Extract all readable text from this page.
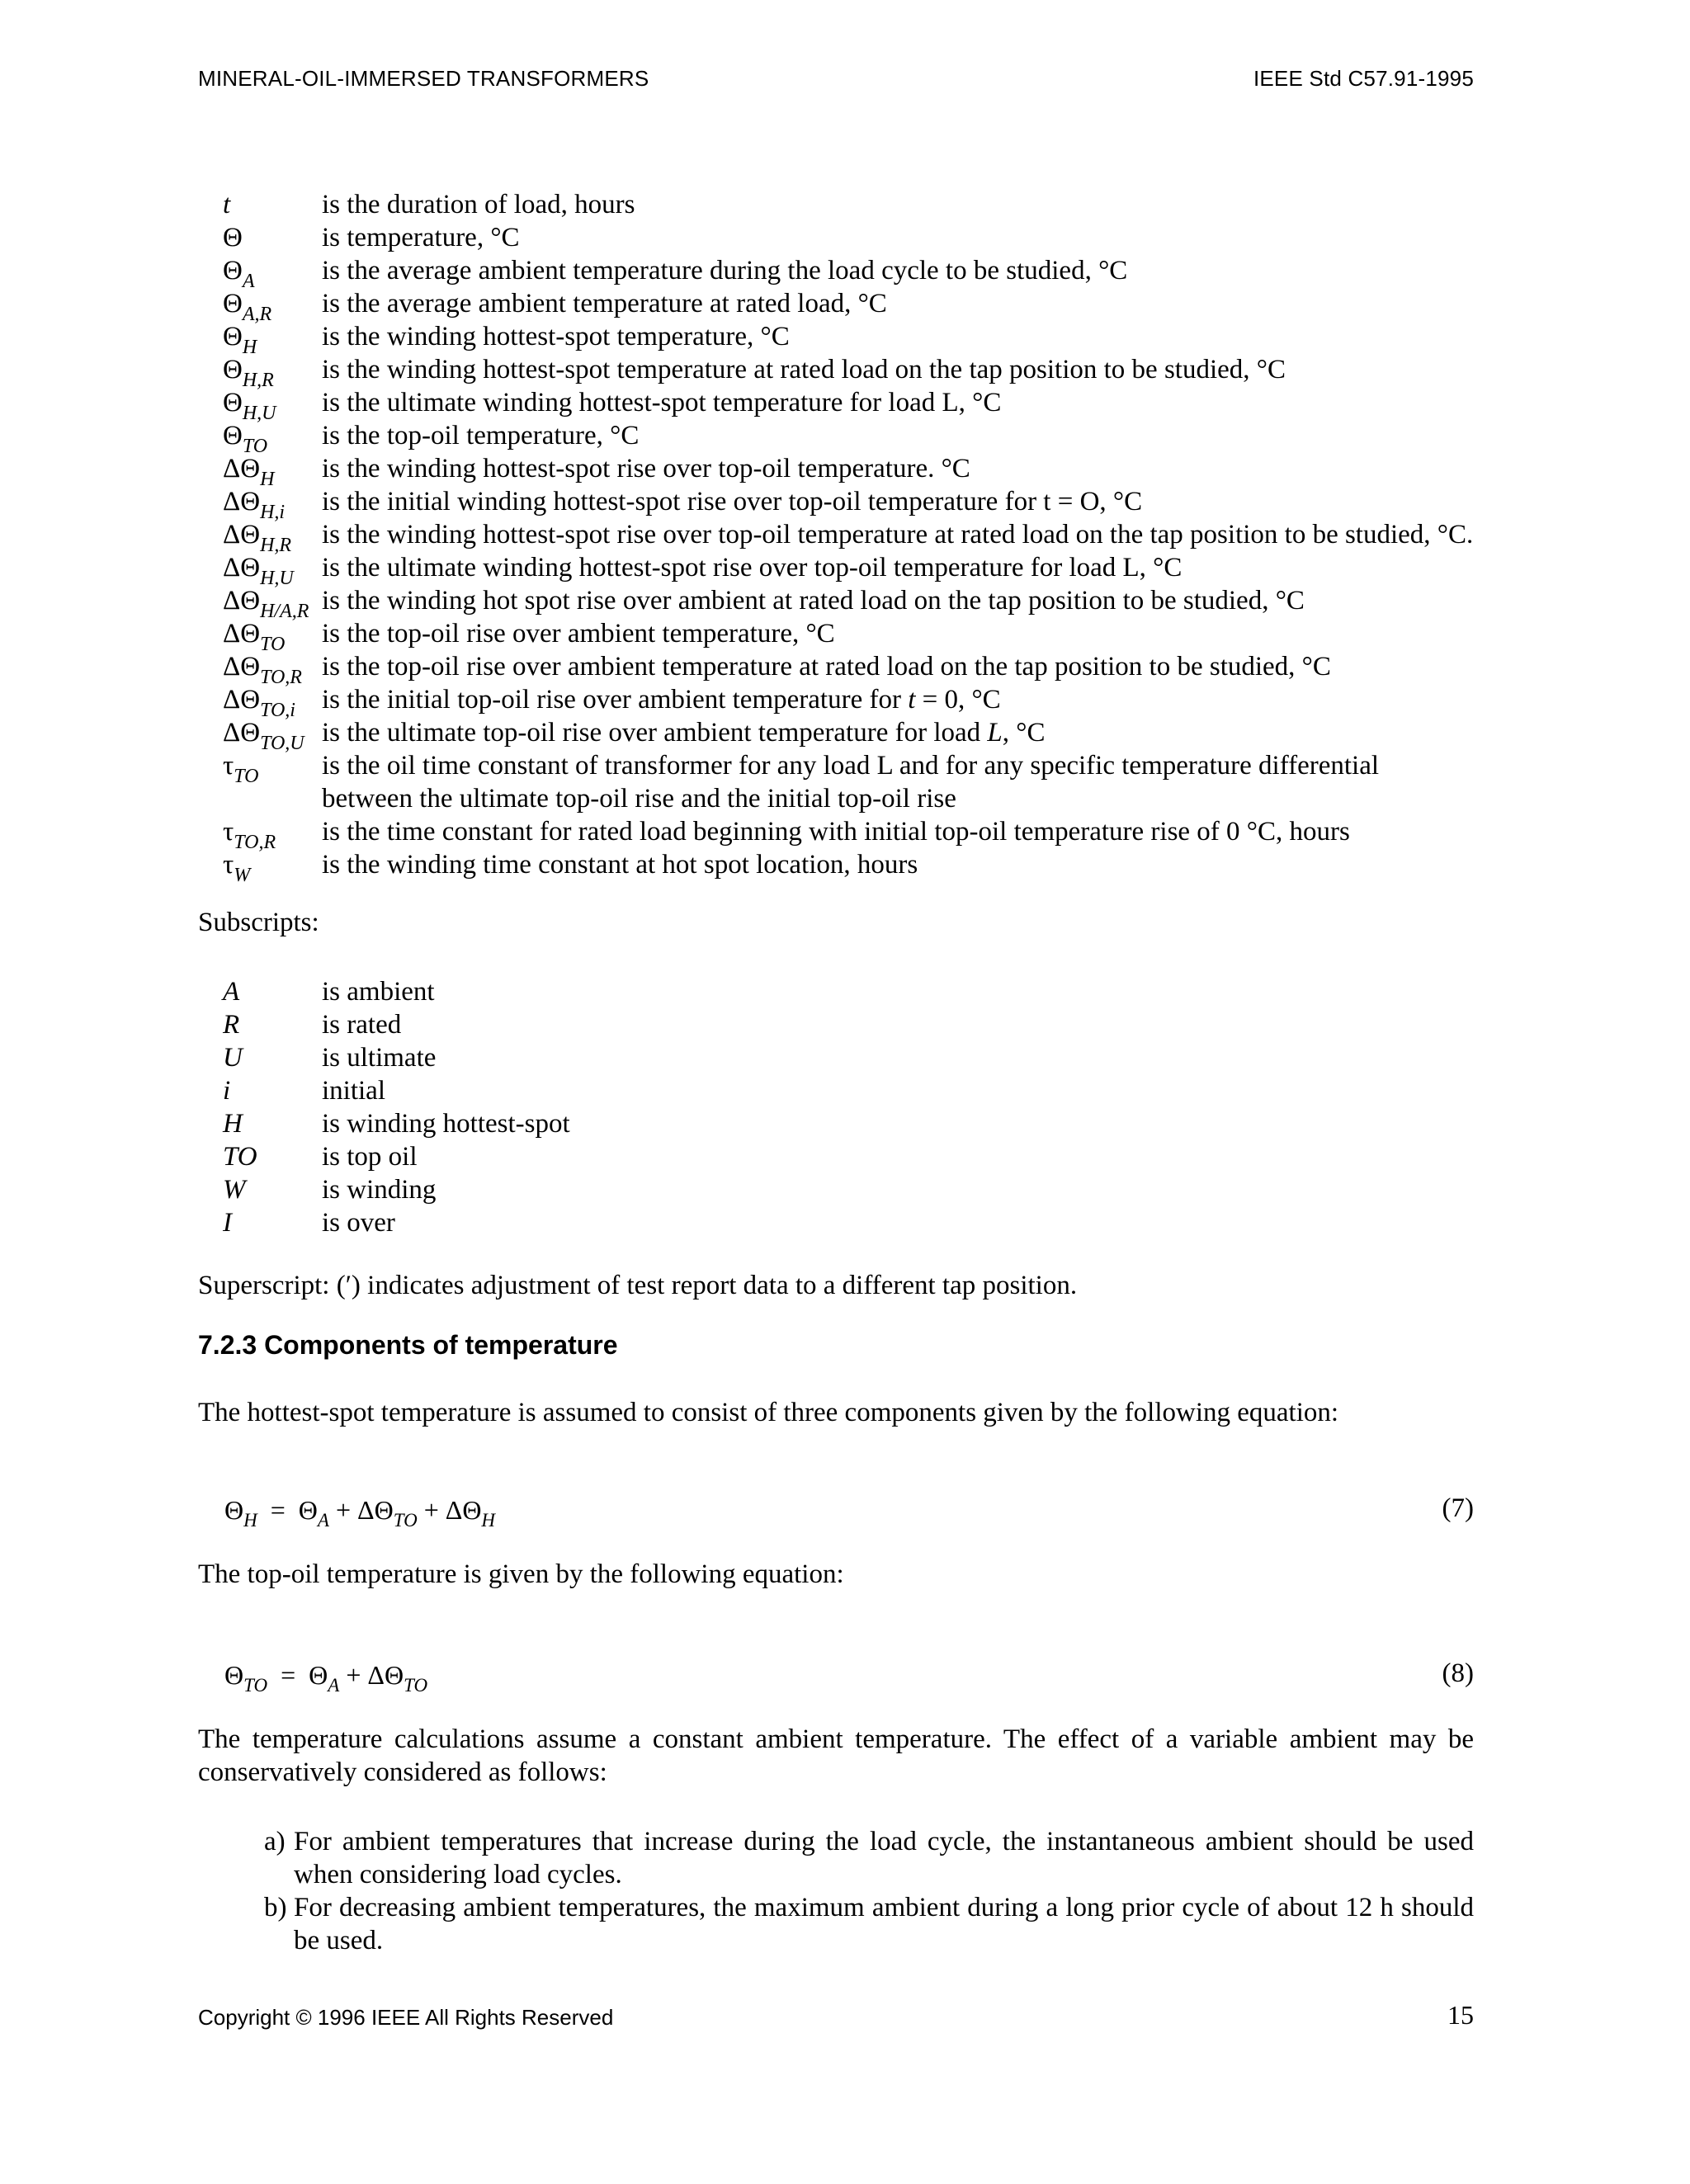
MINERAL-OIL-IMMERSED TRANSFORMERS	IEEE Std C57.91-1995
t	is the duration of load, hours
Θ	is temperature, °C
$\Theta_A$	is the average ambient temperature during the load cycle to be studied, °C
$\Theta_{A,R}$	is the average ambient temperature at rated load, °C
$\Theta_H$	is the winding hottest-spot temperature, °C
$\Theta_{H,R}$	is the winding hottest-spot temperature at rated load on the tap position to be studied, °C
$\Theta_{H,U}$	is the ultimate winding hottest-spot temperature for load L, °C
$\Theta_{TO}$	is the top-oil temperature, °C
$\Delta\Theta_H$	is the winding hottest-spot rise over top-oil temperature. °C
$\Delta\Theta_{H,i}$	is the initial winding hottest-spot rise over top-oil temperature for t = O, °C
$\Delta\Theta_{H,R}$	is the winding hottest-spot rise over top-oil temperature at rated load on the tap position to be studied, °C.
$\Delta\Theta_{H,U}$	is the ultimate winding hottest-spot rise over top-oil temperature for load L, °C
$\Delta\Theta_{H/A,R}$ is the winding hot spot rise over ambient at rated load on the tap position to be studied, °C
$\Delta\Theta_{TO}$	is the top-oil rise over ambient temperature, °C
$\Delta\Theta_{TO,R}$ is the top-oil rise over ambient temperature at rated load on the tap position to be studied, °C
$\Delta\Theta_{TO,i}$ is the initial top-oil rise over ambient temperature for t = 0, °C
$\Delta\Theta_{TO,U}$ is the ultimate top-oil rise over ambient temperature for load L, °C
$\tau_{TO}$	is the oil time constant of transformer for any load L and for any specific temperature differential between the ultimate top-oil rise and the initial top-oil rise
$\tau_{TO,R}$	is the time constant for rated load beginning with initial top-oil temperature rise of 0 °C, hours
$\tau_W$	is the winding time constant at hot spot location, hours
Subscripts:
A	is ambient
R	is rated
U	is ultimate
i	initial
H	is winding hottest-spot
TO	is top oil
W	is winding
I	is over
Superscript: (′) indicates adjustment of test report data to a different tap position.
7.2.3 Components of temperature
The hottest-spot temperature is assumed to consist of three components given by the following equation:
$\Theta_H = \Theta_A + \Delta\Theta_{TO} + \Delta\Theta_H$	(7)
The top-oil temperature is given by the following equation:
$\Theta_{TO} = \Theta_A + \Delta\Theta_{TO}$	(8)
The temperature calculations assume a constant ambient temperature. The effect of a variable ambient may be conservatively considered as follows:
a) For ambient temperatures that increase during the load cycle, the instantaneous ambient should be used when considering load cycles.
b) For decreasing ambient temperatures, the maximum ambient during a long prior cycle of about 12 h should be used.
Copyright © 1996 IEEE All Rights Reserved	15
